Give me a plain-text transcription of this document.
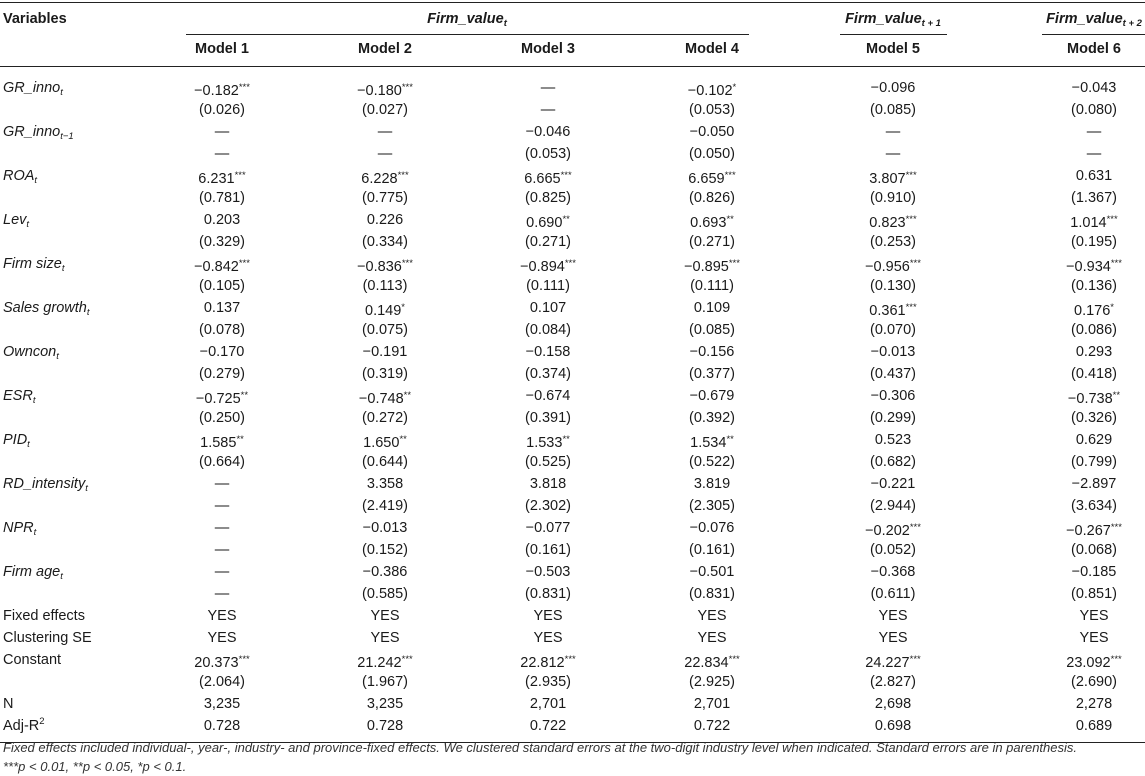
Variables	Firm_value$_t$	Firm_value$_{t + 1}$	Firm_value$_{t + 2}$
Model 1	Model 2	Model 3	Model 4	Model 5	Model 6
GR_inno$_t$	−0.182***	−0.180***	—	−0.102*	−0.096	−0.043
(0.026)	(0.027)	—	(0.053)	(0.085)	(0.080)
GR_inno$_{t-1}$	—	—	−0.046	−0.050	—	—
—	—	(0.053)	(0.050)	—	—
$ROA_t$	6.231***	6.228***	6.665***	6.659***	3.807***	0.631
(0.781)	(0.775)	(0.825)	(0.826)	(0.910)	(1.367)
Lev$_t$	0.203	0.226	0.690**	0.693**	0.823***	1.014***
(0.329)	(0.334)	(0.271)	(0.271)	(0.253)	(0.195)
Firm size$_t$	−0.842***	−0.836***	−0.894***	−0.895***	−0.956***	−0.934***
(0.105)	(0.113)	(0.111)	(0.111)	(0.130)	(0.136)
Sales growth$_t$	0.137	0.149*	0.107	0.109	0.361***	0.176*
(0.078)	(0.075)	(0.084)	(0.085)	(0.070)	(0.086)
Owncon$_t$	−0.170	−0.191	−0.158	−0.156	−0.013	0.293
(0.279)	(0.319)	(0.374)	(0.377)	(0.437)	(0.418)
$ESR_t$	−0.725**	−0.748**	−0.674	−0.679	−0.306	−0.738**
(0.250)	(0.272)	(0.391)	(0.392)	(0.299)	(0.326)
$PID_t$	1.585**	1.650**	1.533**	1.534**	0.523	0.629
(0.664)	(0.644)	(0.525)	(0.522)	(0.682)	(0.799)
RD_intensity$_t$	—	3.358	3.818	3.819	−0.221	−2.897
—	(2.419)	(2.302)	(2.305)	(2.944)	(3.634)
$NPR_t$	—	−0.013	−0.077	−0.076	−0.202***	−0.267***
—	(0.152)	(0.161)	(0.161)	(0.052)	(0.068)
Firm age$_t$	—	−0.386	−0.503	−0.501	−0.368	−0.185
—	(0.585)	(0.831)	(0.831)	(0.611)	(0.851)
Fixed effects	YES	YES	YES	YES	YES	YES
Clustering SE	YES	YES	YES	YES	YES	YES
Constant	20.373***	21.242***	22.812***	22.834***	24.227***	23.092***
(2.064)	(1.967)	(2.935)	(2.925)	(2.827)	(2.690)
N	3,235	3,235	2,701	2,701	2,698	2,278
Adj-$R^2$	0.728	0.728	0.722	0.722	0.698	0.689
Fixed effects included individual-, year-, industry- and province-fixed effects. We clustered standard errors at the two-digit industry level when indicated. Standard errors are in parenthesis.
***p < 0.01, **p < 0.05, *p < 0.1.
